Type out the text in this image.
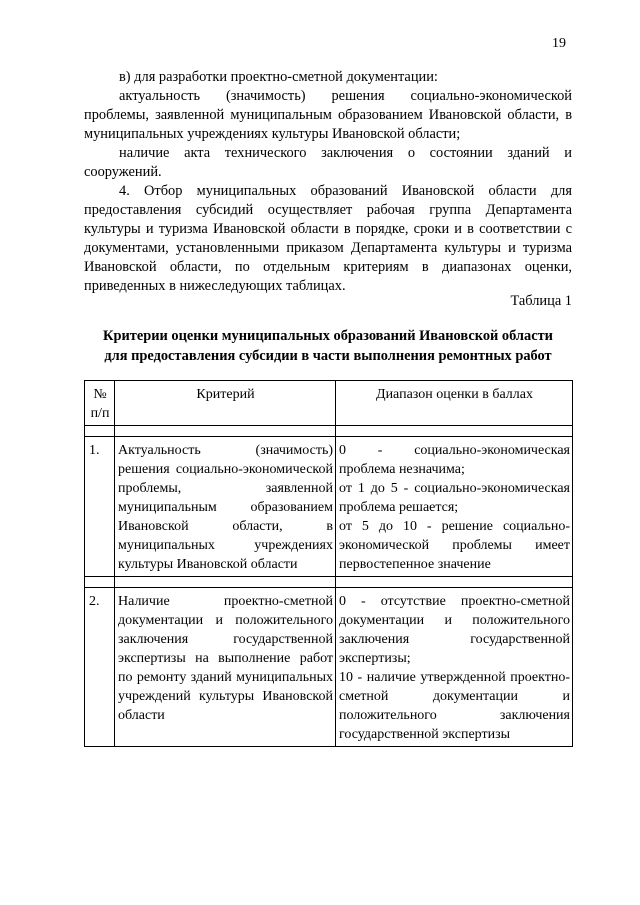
19

в) для разработки проектно-сметной документации:

актуальность (значимость) решения социально-экономической проблемы, заявленной муниципальным образованием Ивановской области, в муниципальных учреждениях культуры Ивановской области;

наличие акта технического заключения о состоянии зданий и сооружений.

4. Отбор муниципальных образований Ивановской области для предоставления субсидий осуществляет рабочая группа Департамента культуры и туризма Ивановской области в порядке, сроки и в соответствии с документами, установленными приказом Департамента культуры и туризма Ивановской области, по отдельным критериям в диапазонах оценки, приведенных в нижеследующих таблицах.

Таблица 1
Критерии оценки муниципальных образований Ивановской области
для предоставления субсидии в части выполнения ремонтных работ
№ п/п	Критерий	Диапазон оценки в баллах

1.	Актуальность (значимость) решения социально-экономической проблемы, заявленной муниципальным образованием Ивановской области, в муниципальных учреждениях культуры Ивановской области	0 - социально-экономическая проблема незначима;
от 1 до 5 - социально-экономическая проблема решается;
от 5 до 10 - решение социально-экономической проблемы имеет первостепенное значение

2.	Наличие проектно-сметной документации и положительного заключения государственной экспертизы на выполнение работ по ремонту зданий муниципальных учреждений культуры Ивановской области	0 - отсутствие проектно-сметной документации и положительного заключения государственной экспертизы;
10 - наличие утвержденной проектно-сметной документации и положительного заключения государственной экспертизы
